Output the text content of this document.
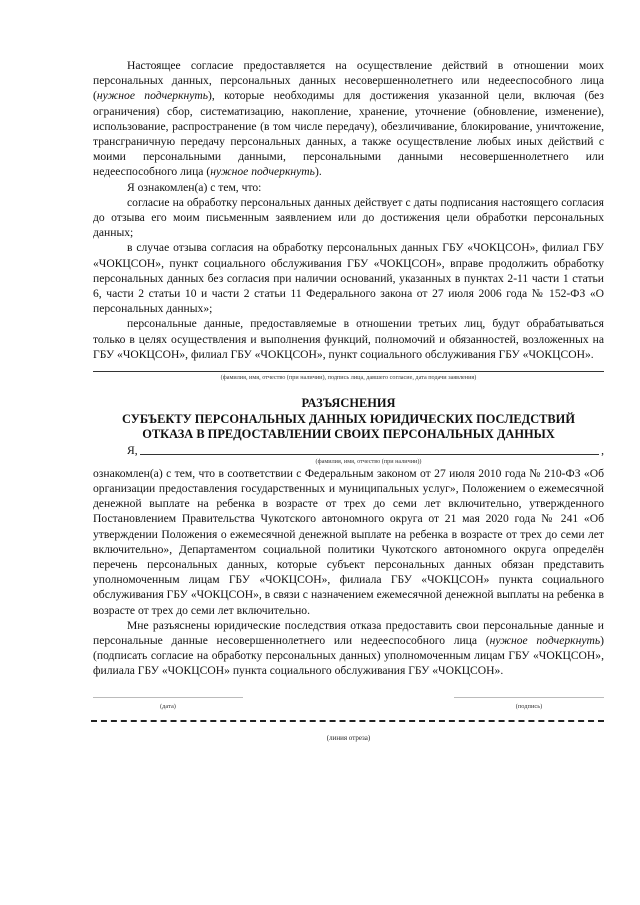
Настоящее согласие предоставляется на осуществление действий в отношении моих персональных данных, персональных данных несовершеннолетнего или недееспособного лица (нужное подчеркнуть), которые необходимы для достижения указанной цели, включая (без ограничения) сбор, систематизацию, накопление, хранение, уточнение (обновление, изменение), использование, распространение (в том числе передачу), обезличивание, блокирование, уничтожение, трансграничную передачу персональных данных, а также осуществление любых иных действий с моими персональными данными, персональными данными несовершеннолетнего или недееспособного лица (нужное подчеркнуть).

Я ознакомлен(а) с тем, что:

согласие на обработку персональных данных действует с даты подписания настоящего согласия до отзыва его моим письменным заявлением или до достижения цели обработки персональных данных;

в случае отзыва согласия на обработку персональных данных ГБУ «ЧОКЦСОН», филиал ГБУ «ЧОКЦСОН», пункт социального обслуживания ГБУ «ЧОКЦСОН», вправе продолжить обработку персональных данных без согласия при наличии оснований, указанных в пунктах 2-11 части 1 статьи 6, части 2 статьи 10 и части 2 статьи 11 Федерального закона от 27 июля 2006 года № 152-ФЗ «О персональных данных»;

персональные данные, предоставляемые в отношении третьих лиц, будут обрабатываться только в целях осуществления и выполнения функций, полномочий и обязанностей, возложенных на ГБУ «ЧОКЦСОН», филиал ГБУ «ЧОКЦСОН», пункт социального обслуживания ГБУ «ЧОКЦСОН».

(фамилия, имя, отчество (при наличии), подпись лица, давшего согласие, дата подачи заявления)
РАЗЪЯСНЕНИЯ
СУБЪЕКТУ ПЕРСОНАЛЬНЫХ ДАННЫХ ЮРИДИЧЕСКИХ ПОСЛЕДСТВИЙ
ОТКАЗА В ПРЕДОСТАВЛЕНИИ СВОИХ ПЕРСОНАЛЬНЫХ ДАННЫХ
Я,	,
(фамилия, имя, отчество (при наличии))

ознакомлен(а) с тем, что в соответствии с Федеральным законом от 27 июля 2010 года № 210-ФЗ «Об организации предоставления государственных и муниципальных услуг», Положением о ежемесячной денежной выплате на ребенка в возрасте от трех до семи лет включительно, утвержденного Постановлением Правительства Чукотского автономного округа от 21 мая 2020 года № 241 «Об утверждении Положения о ежемесячной денежной выплате на ребенка в возрасте от трех до семи лет включительно», Департаментом социальной политики Чукотского автономного округа определён перечень персональных данных, которые субъект персональных данных обязан представить уполномоченным лицам ГБУ «ЧОКЦСОН», филиала ГБУ «ЧОКЦСОН» пункта социального обслуживания ГБУ «ЧОКЦСОН», в связи с назначением ежемесячной денежной выплаты на ребенка в возрасте от трех до семи лет включительно.

Мне разъяснены юридические последствия отказа предоставить свои персональные данные и персональные данные несовершеннолетнего или недееспособного лица (нужное подчеркнуть) (подписать согласие на обработку персональных данных) уполномоченным лицам ГБУ «ЧОКЦСОН», филиала ГБУ «ЧОКЦСОН» пункта социального обслуживания ГБУ «ЧОКЦСОН».

(дата)	(подпись)
(линия отреза)
